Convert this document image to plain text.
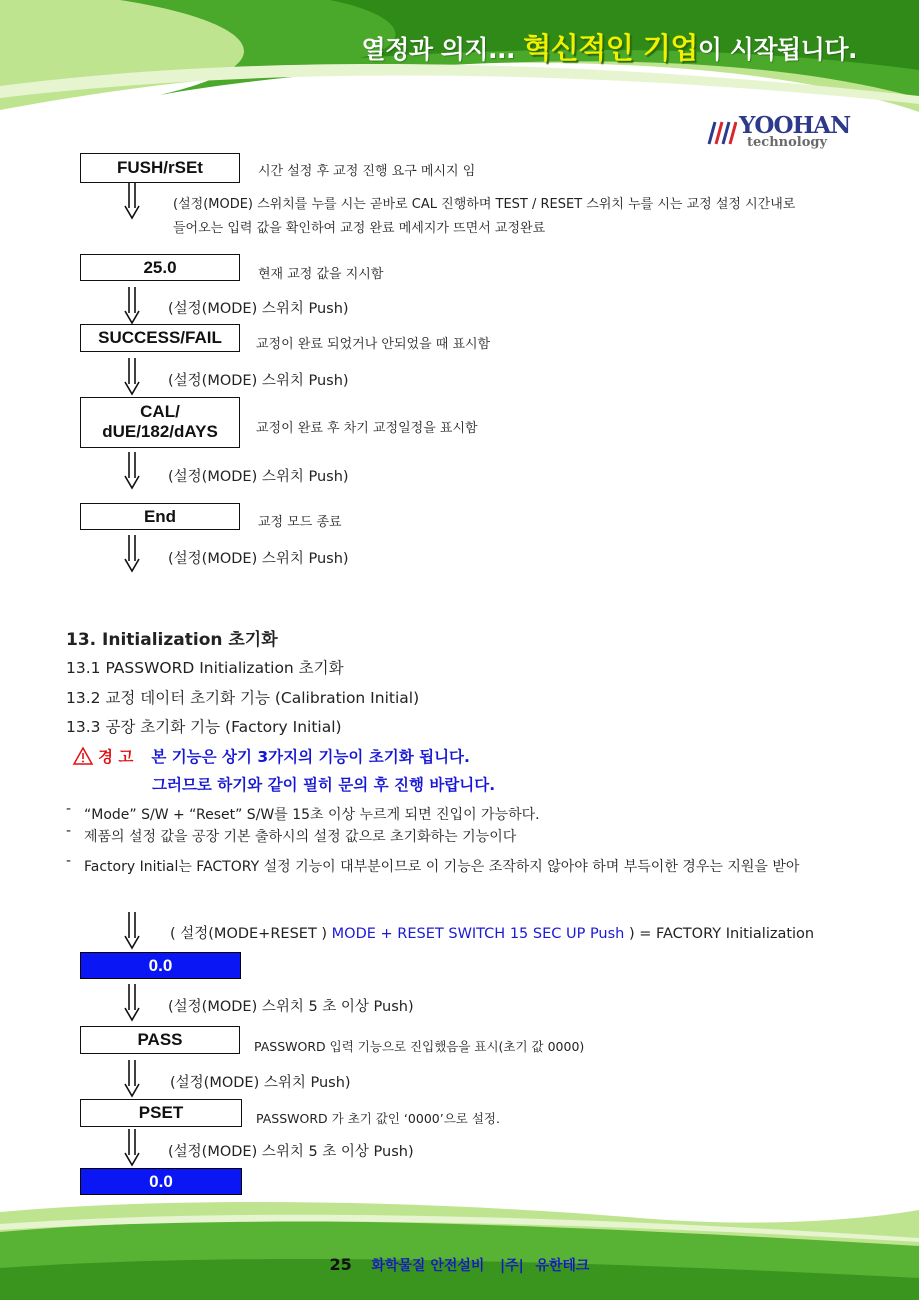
열정과 의지... 혁신적인 기업이 시작됩니다.
YOOHAN
technology
FUSH/rSEt	시간 설정 후 교정 진행 요구 메시지 임
(설정(MODE) 스위치를 누를 시는 곧바로 CAL 진행하며 TEST / RESET 스위치 누를 시는 교정 설정 시간내로
들어오는 입력 값을 확인하여 교정 완료 메세지가 뜨면서 교정완료
25.0	현재 교정 값을 지시함
(설정(MODE) 스위치 Push)
SUCCESS/FAIL	교정이 완료 되었거나 안되었을 때 표시함
(설정(MODE) 스위치 Push)
CAL/
dUE/182/dAYS	교정이 완료 후 차기 교정일정을 표시함
(설정(MODE) 스위치 Push)
End	교정 모드 종료
(설정(MODE) 스위치 Push)
13. Initialization 초기화
13.1 PASSWORD Initialization 초기화
13.2 교정 데이터 초기화 기능 (Calibration Initial)
13.3 공장 초기화 기능 (Factory Initial)
경 고 본 기능은 상기 3가지의 기능이 초기화 됩니다.
그러므로 하기와 같이 필히 문의 후 진행 바랍니다.
- “Mode” S/W + “Reset” S/W를 15초 이상 누르게 되면 진입이 가능하다.
- 제품의 설정 값을 공장 기본 출하시의 설정 값으로 초기화하는 기능이다
- Factory Initial는 FACTORY 설정 기능이 대부분이므로 이 기능은 조작하지 않아야 하며 부득이한 경우는 지원을 받아
( 설정(MODE+RESET ) MODE + RESET SWITCH 15 SEC UP Push ) = FACTORY Initialization
0.0
(설정(MODE) 스위치 5 초 이상 Push)
PASS	PASSWORD 입력 기능으로 진입했음을 표시(초기 값 0000)
(설정(MODE) 스위치 Push)
PSET	PASSWORD 가 초기 값인 ‘0000’으로 설정.
(설정(MODE) 스위치 5 초 이상 Push)
0.0
25 화학물질 안전설비 |주| 유한테크
